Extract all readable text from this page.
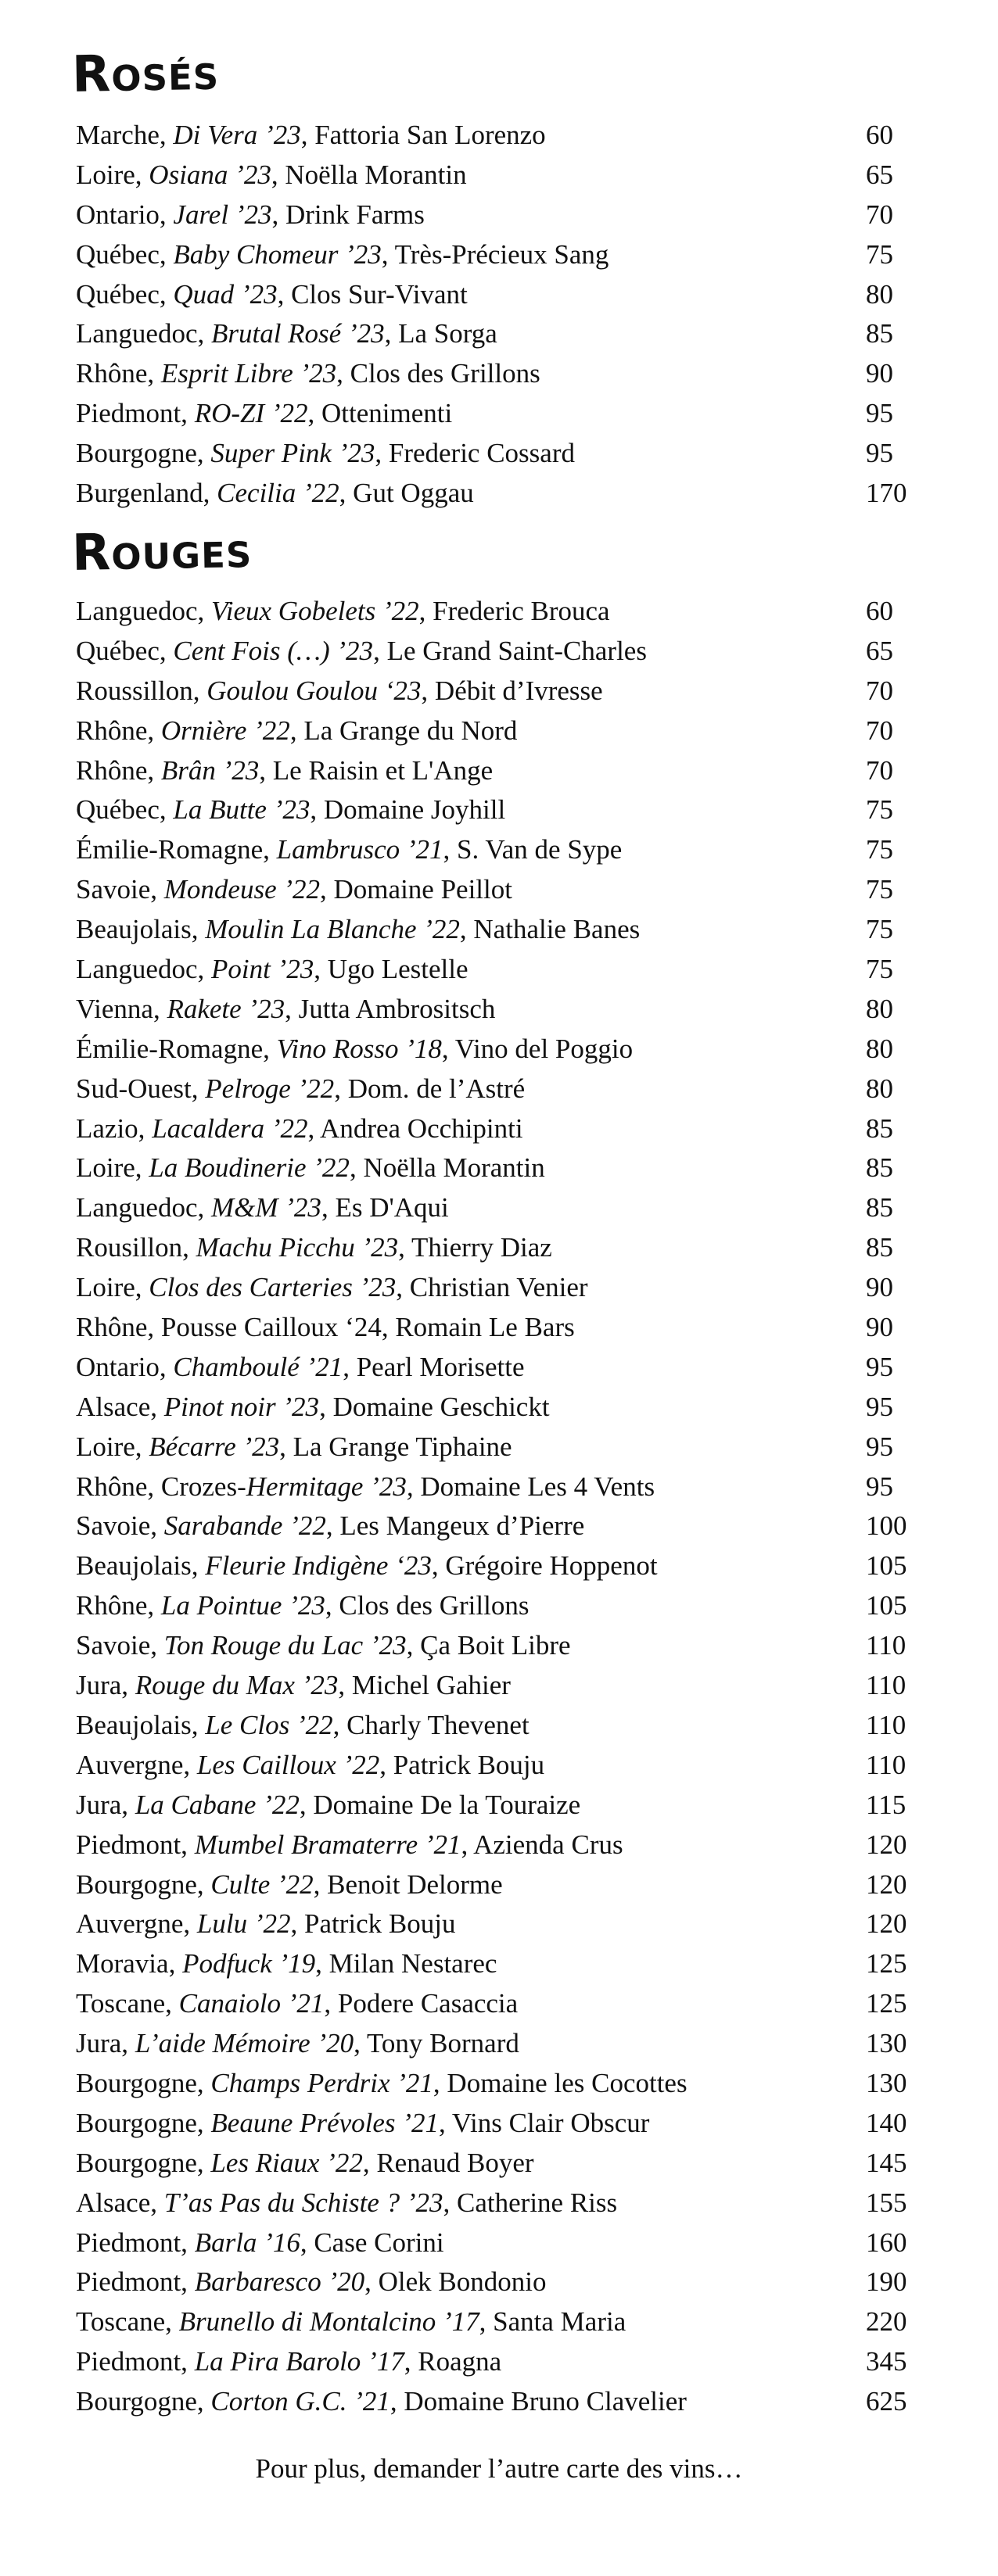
Rosés
Marche, Di Vera ’23, Fattoria San Lorenzo	60
Loire, Osiana ’23, Noëlla Morantin	65
Ontario, Jarel ’23, Drink Farms	70
Québec, Baby Chomeur ’23, Très-Précieux Sang	75
Québec, Quad ’23, Clos Sur-Vivant	80
Languedoc, Brutal Rosé ’23, La Sorga	85
Rhône, Esprit Libre ’23, Clos des Grillons	90
Piedmont, RO-ZI ’22, Ottenimenti	95
Bourgogne, Super Pink ’23, Frederic Cossard	95
Burgenland, Cecilia ’22, Gut Oggau	170
Rouges
Languedoc, Vieux Gobelets ’22, Frederic Brouca	60
Québec, Cent Fois (…) ’23, Le Grand Saint-Charles	65
Roussillon, Goulou Goulou ‘23, Débit d’Ivresse	70
Rhône, Ornière ’22, La Grange du Nord	70
Rhône, Brân ’23, Le Raisin et L'Ange	70
Québec, La Butte ’23, Domaine Joyhill	75
Émilie-Romagne, Lambrusco ’21, S. Van de Sype	75
Savoie, Mondeuse ’22, Domaine Peillot	75
Beaujolais, Moulin La Blanche ’22, Nathalie Banes	75
Languedoc, Point ’23, Ugo Lestelle	75
Vienna, Rakete ’23, Jutta Ambrositsch	80
Émilie-Romagne, Vino Rosso ’18, Vino del Poggio	80
Sud-Ouest, Pelroge ’22, Dom. de l’Astré	80
Lazio, Lacaldera ’22, Andrea Occhipinti	85
Loire, La Boudinerie ’22, Noëlla Morantin	85
Languedoc, M&M ’23, Es D'Aqui	85
Rousillon, Machu Picchu ’23, Thierry Diaz	85
Loire, Clos des Carteries ’23, Christian Venier	90
Rhône, Pousse Cailloux ‘24, Romain Le Bars	90
Ontario, Chamboulé ’21, Pearl Morisette	95
Alsace, Pinot noir ’23, Domaine Geschickt	95
Loire, Bécarre ’23, La Grange Tiphaine	95
Rhône, Crozes-Hermitage ’23, Domaine Les 4 Vents	95
Savoie, Sarabande ’22, Les Mangeux d’Pierre	100
Beaujolais, Fleurie Indigène ‘23, Grégoire Hoppenot	105
Rhône, La Pointue ’23, Clos des Grillons	105
Savoie, Ton Rouge du Lac ’23, Ça Boit Libre	110
Jura, Rouge du Max ’23, Michel Gahier	110
Beaujolais, Le Clos ’22, Charly Thevenet	110
Auvergne, Les Cailloux ’22, Patrick Bouju	110
Jura, La Cabane ’22, Domaine De la Touraize	115
Piedmont, Mumbel Bramaterre ’21, Azienda Crus	120
Bourgogne, Culte ’22, Benoit Delorme	120
Auvergne, Lulu ’22, Patrick Bouju	120
Moravia, Podfuck ’19, Milan Nestarec	125
Toscane, Canaiolo ’21, Podere Casaccia	125
Jura, L’aide Mémoire ’20, Tony Bornard	130
Bourgogne, Champs Perdrix ’21, Domaine les Cocottes	130
Bourgogne, Beaune Prévoles ’21, Vins Clair Obscur	140
Bourgogne, Les Riaux ’22, Renaud Boyer	145
Alsace, T’as Pas du Schiste ? ’23, Catherine Riss	155
Piedmont, Barla ’16, Case Corini	160
Piedmont, Barbaresco ’20, Olek Bondonio	190
Toscane, Brunello di Montalcino ’17, Santa Maria	220
Piedmont, La Pira Barolo ’17, Roagna	345
Bourgogne, Corton G.C. ’21, Domaine Bruno Clavelier	625

Pour plus, demander l’autre carte des vins…
